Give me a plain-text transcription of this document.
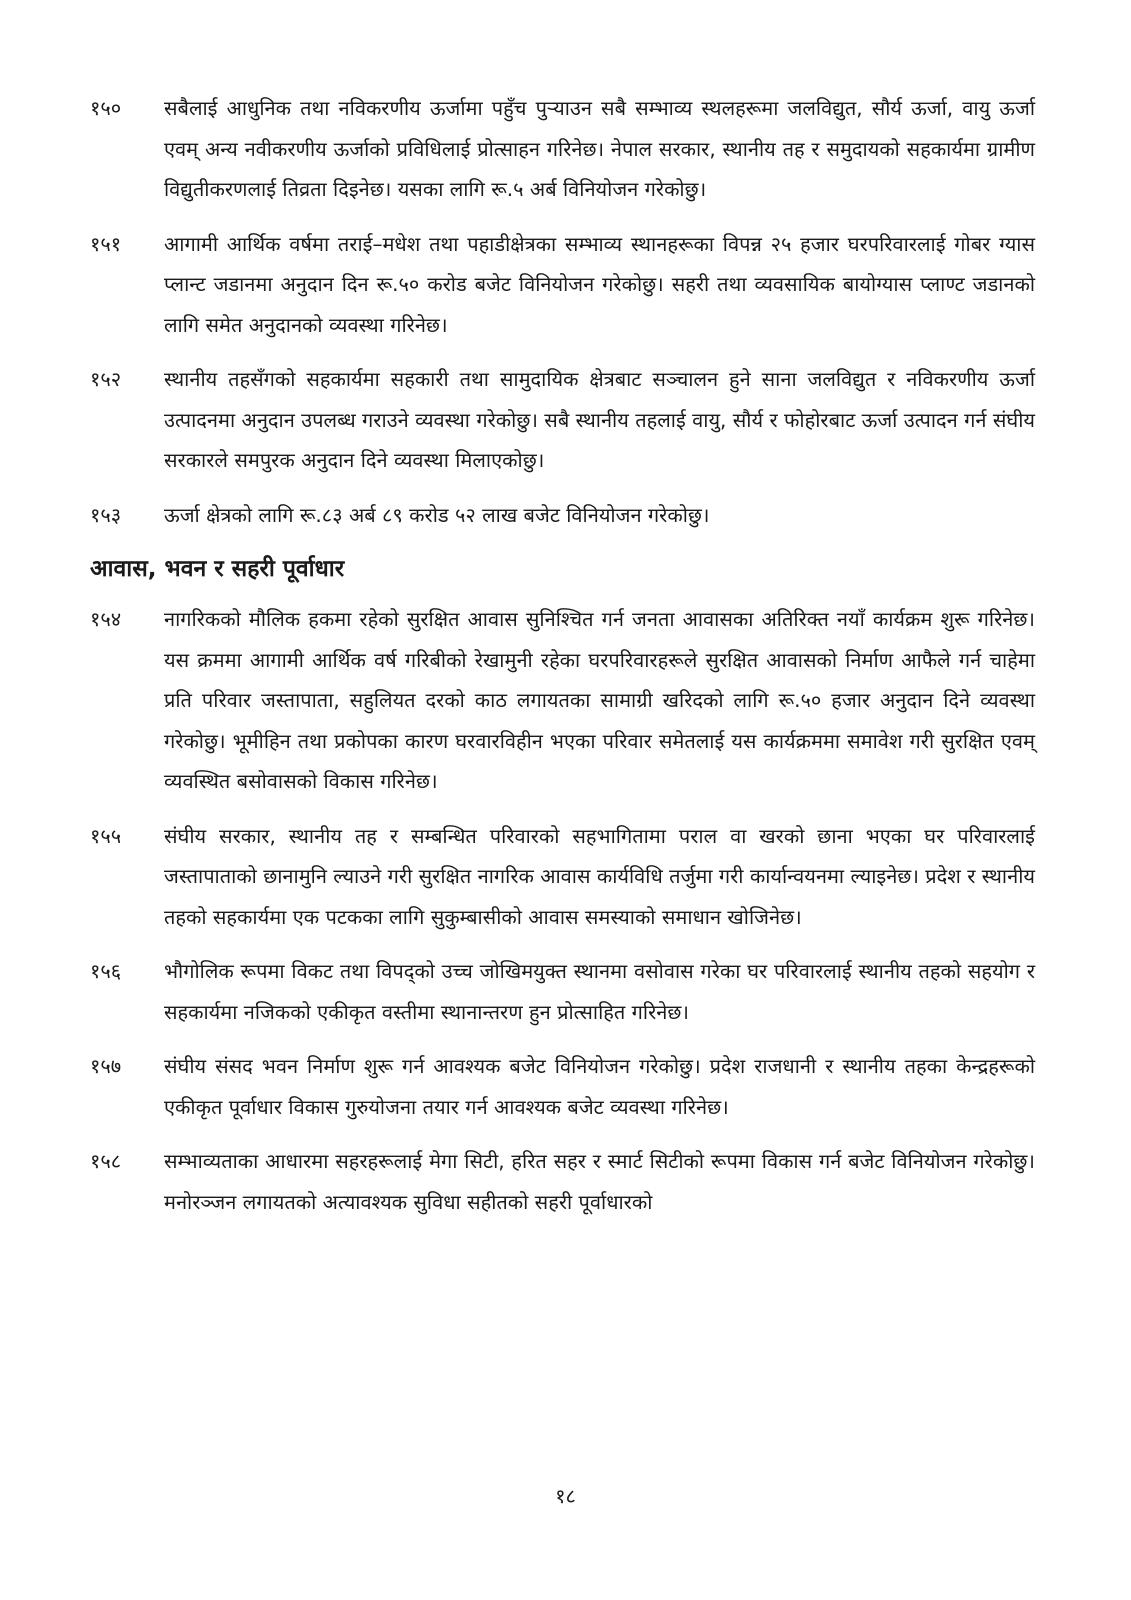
१५०	सबैलाई आधुनिक तथा नविकरणीय ऊर्जामा पहुँच पुऱ्याउन सबै सम्भाव्य स्थलहरूमा जलविद्युत, सौर्य ऊर्जा, वायु ऊर्जा एवम् अन्य नवीकरणीय ऊर्जाको प्रविधिलाई प्रोत्साहन गरिनेछ। नेपाल सरकार, स्थानीय तह र समुदायको सहकार्यमा ग्रामीण विद्युतीकरणलाई तिव्रता दिइनेछ। यसका लागि रू.५ अर्ब विनियोजन गरेकोछु।
१५१	आगामी आर्थिक वर्षमा तराई–मधेश तथा पहाडीक्षेत्रका सम्भाव्य स्थानहरूका विपन्न २५ हजार घरपरिवारलाई गोबर ग्यास प्लान्ट जडानमा अनुदान दिन रू.५० करोड बजेट विनियोजन गरेकोछु। सहरी तथा व्यवसायिक बायोग्यास प्लाण्ट जडानको लागि समेत अनुदानको व्यवस्था गरिनेछ।
१५२	स्थानीय तहसँगको सहकार्यमा सहकारी तथा सामुदायिक क्षेत्रबाट सञ्चालन हुने साना जलविद्युत र नविकरणीय ऊर्जा उत्पादनमा अनुदान उपलब्ध गराउने व्यवस्था गरेकोछु। सबै स्थानीय तहलाई वायु, सौर्य र फोहोरबाट ऊर्जा उत्पादन गर्न संघीय सरकारले समपुरक अनुदान दिने व्यवस्था मिलाएकोछु।
१५३	ऊर्जा क्षेत्रको लागि रू.८३ अर्ब ८९ करोड ५२ लाख बजेट विनियोजन गरेकोछु।
आवास, भवन र सहरी पूर्वाधार
१५४	नागरिकको मौलिक हकमा रहेको सुरक्षित आवास सुनिश्चित गर्न जनता आवासका अतिरिक्त नयाँ कार्यक्रम शुरू गरिनेछ। यस क्रममा आगामी आर्थिक वर्ष गरिबीको रेखामुनी रहेका घरपरिवारहरूले सुरक्षित आवासको निर्माण आफैले गर्न चाहेमा प्रति परिवार जस्तापाता, सहुलियत दरको काठ लगायतका सामाग्री खरिदको लागि रू.५० हजार अनुदान दिने व्यवस्था गरेकोछु। भूमीहिन तथा प्रकोपका कारण घरवारविहीन भएका परिवार समेतलाई यस कार्यक्रममा समावेश गरी सुरक्षित एवम् व्यवस्थित बसोवासको विकास गरिनेछ।
१५५	संघीय सरकार, स्थानीय तह र सम्बन्धित परिवारको सहभागितामा पराल वा खरको छाना भएका घर परिवारलाई जस्तापाताको छानामुनि ल्याउने गरी सुरक्षित नागरिक आवास कार्यविधि तर्जुमा गरी कार्यान्वयनमा ल्याइनेछ। प्रदेश र स्थानीय तहको सहकार्यमा एक पटकका लागि सुकुम्बासीको आवास समस्याको समाधान खोजिनेछ।
१५६	भौगोलिक रूपमा विकट तथा विपद्को उच्च जोखिमयुक्त स्थानमा वसोवास गरेका घर परिवारलाई स्थानीय तहको सहयोग र सहकार्यमा नजिकको एकीकृत वस्तीमा स्थानान्तरण हुन प्रोत्साहित गरिनेछ।
१५७	संघीय संसद भवन निर्माण शुरू गर्न आवश्यक बजेट विनियोजन गरेकोछु। प्रदेश राजधानी र स्थानीय तहका केन्द्रहरूको एकीकृत पूर्वाधार विकास गुरुयोजना तयार गर्न आवश्यक बजेट व्यवस्था गरिनेछ।
१५८	सम्भाव्यताका आधारमा सहरहरूलाई मेगा सिटी, हरित सहर र स्मार्ट सिटीको रूपमा विकास गर्न बजेट विनियोजन गरेकोछु। मनोरञ्जन लगायतको अत्यावश्यक सुविधा सहीतको सहरी पूर्वाधारको
१८
